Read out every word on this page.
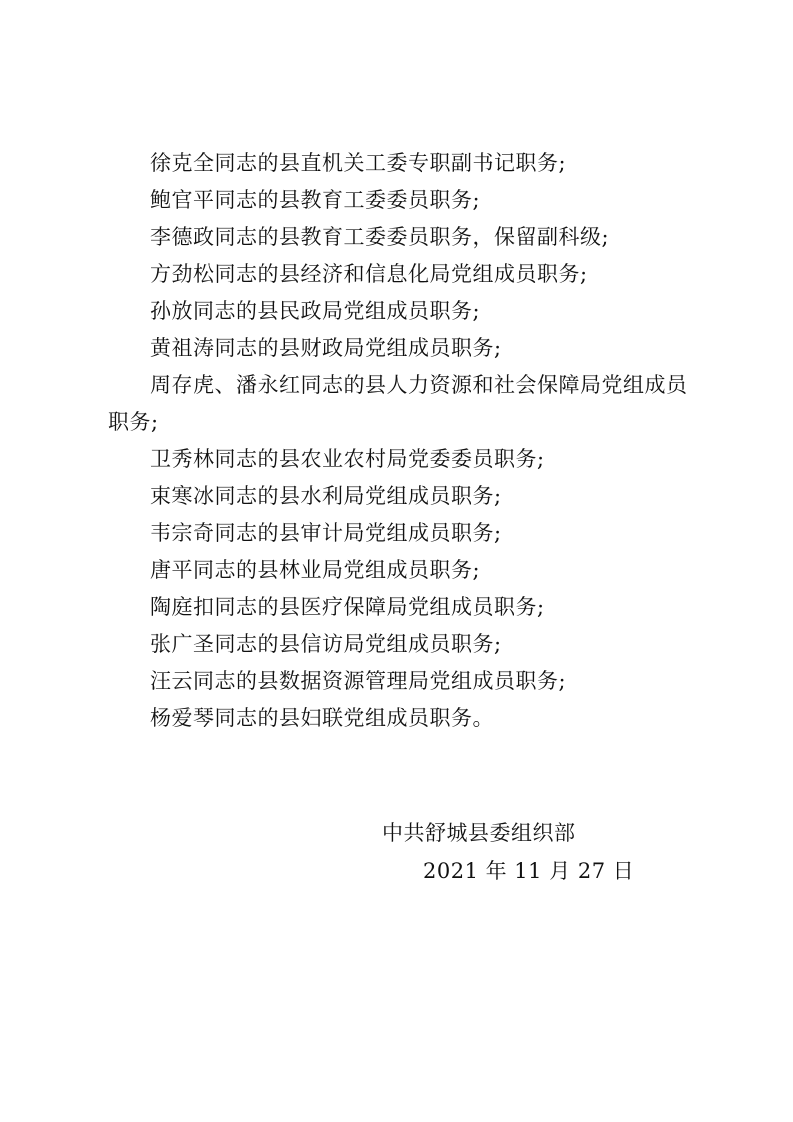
徐克全同志的县直机关工委专职副书记职务;

鲍官平同志的县教育工委委员职务;

李德政同志的县教育工委委员职务，保留副科级;

方劲松同志的县经济和信息化局党组成员职务;

孙放同志的县民政局党组成员职务;

黄祖涛同志的县财政局党组成员职务;

周存虎、潘永红同志的县人力资源和社会保障局党组成员职务;

卫秀林同志的县农业农村局党委委员职务;

束寒冰同志的县水利局党组成员职务;

韦宗奇同志的县审计局党组成员职务;

唐平同志的县林业局党组成员职务;

陶庭扣同志的县医疗保障局党组成员职务;

张广圣同志的县信访局党组成员职务;

汪云同志的县数据资源管理局党组成员职务;

杨爱琴同志的县妇联党组成员职务。

中共舒城县委组织部
2021 年 11 月 27 日
